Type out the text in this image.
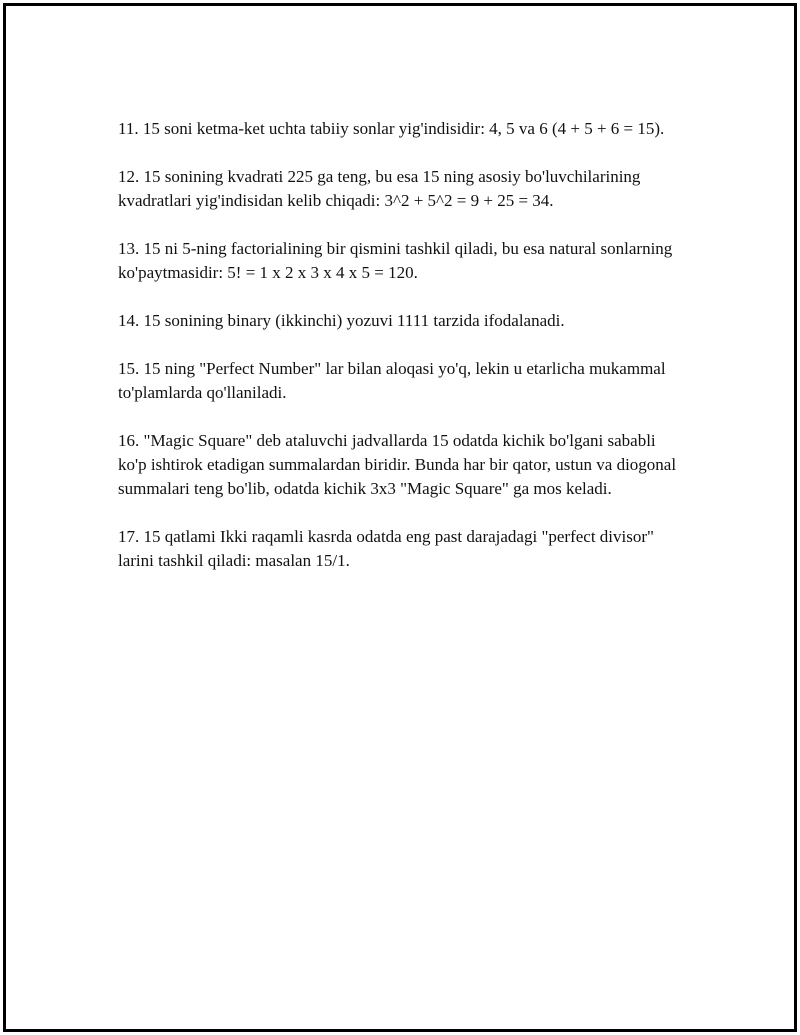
11. 15 soni ketma-ket uchta tabiiy sonlar yig'indisidir: 4, 5 va 6 (4 + 5 + 6 = 15).

12. 15 sonining kvadrati 225 ga teng, bu esa 15 ning asosiy bo'luvchilarining kvadratlari yig'indisidan kelib chiqadi: 3^2 + 5^2 = 9 + 25 = 34.

13. 15 ni 5-ning factorialining bir qismini tashkil qiladi, bu esa natural sonlarning ko'paytmasidir: 5! = 1 x 2 x 3 x 4 x 5 = 120.

14. 15 sonining binary (ikkinchi) yozuvi 1111 tarzida ifodalanadi.

15. 15 ning "Perfect Number" lar bilan aloqasi yo'q, lekin u etarlicha mukammal to'plamlarda qo'llaniladi.

16. "Magic Square" deb ataluvchi jadvallarda 15 odatda kichik bo'lgani sababli ko'p ishtirok etadigan summalardan biridir. Bunda har bir qator, ustun va diogonal summalari teng bo'lib, odatda kichik 3x3 "Magic Square" ga mos keladi.

17. 15 qatlami Ikki raqamli kasrda odatda eng past darajadagi "perfect divisor" larini tashkil qiladi: masalan 15/1.
